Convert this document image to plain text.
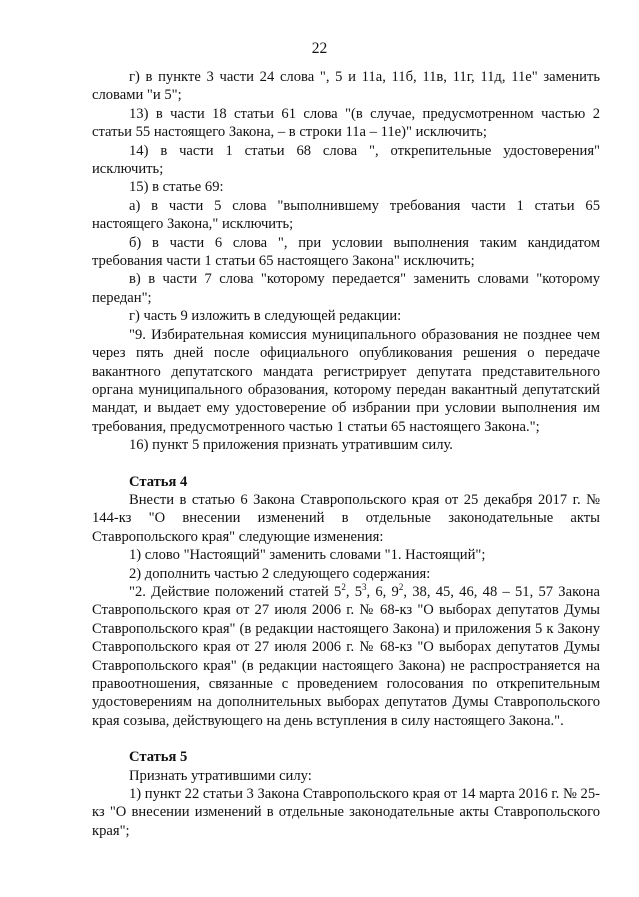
22

г) в пункте 3 части 24 слова ", 5 и 11а, 11б, 11в, 11г, 11д, 11е" заменить словами "и 5";

13) в части 18 статьи 61 слова "(в случае, предусмотренном частью 2 статьи 55 настоящего Закона, – в строки 11а – 11е)" исключить;

14) в части 1 статьи 68 слова ", открепительные удостоверения" исключить;

15) в статье 69:

а) в части 5 слова "выполнившему требования части 1 статьи 65 настоящего Закона," исключить;

б) в части 6 слова ", при условии выполнения таким кандидатом требования части 1 статьи 65 настоящего Закона" исключить;

в) в части 7 слова "которому передается" заменить словами "которому передан";

г) часть 9 изложить в следующей редакции:

"9. Избирательная комиссия муниципального образования не позднее чем через пять дней после официального опубликования решения о передаче вакантного депутатского мандата регистрирует депутата представительного органа муниципального образования, которому передан вакантный депутатский мандат, и выдает ему удостоверение об избрании при условии выполнения им требования, предусмотренного частью 1 статьи 65 настоящего Закона.";

16) пункт 5 приложения признать утратившим силу.

Статья 4

Внести в статью 6 Закона Ставропольского края от 25 декабря 2017 г. № 144-кз "О внесении изменений в отдельные законодательные акты Ставропольского края" следующие изменения:

1) слово "Настоящий" заменить словами "1. Настоящий";

2) дополнить частью 2 следующего содержания:

"2. Действие положений статей $5^2$, $5^3$, 6, $9^2$, 38, 45, 46, 48 – 51, 57 Закона Ставропольского края от 27 июля 2006 г. № 68-кз "О выборах депутатов Думы Ставропольского края" (в редакции настоящего Закона) и приложения 5 к Закону Ставропольского края от 27 июля 2006 г. № 68-кз "О выборах депутатов Думы Ставропольского края" (в редакции настоящего Закона) не распространяется на правоотношения, связанные с проведением голосования по открепительным удостоверениям на дополнительных выборах депутатов Думы Ставропольского края созыва, действующего на день вступления в силу настоящего Закона.".

Статья 5

Признать утратившими силу:

1) пункт 22 статьи 3 Закона Ставропольского края от 14 марта 2016 г. № 25-кз "О внесении изменений в отдельные законодательные акты Ставропольского края";
